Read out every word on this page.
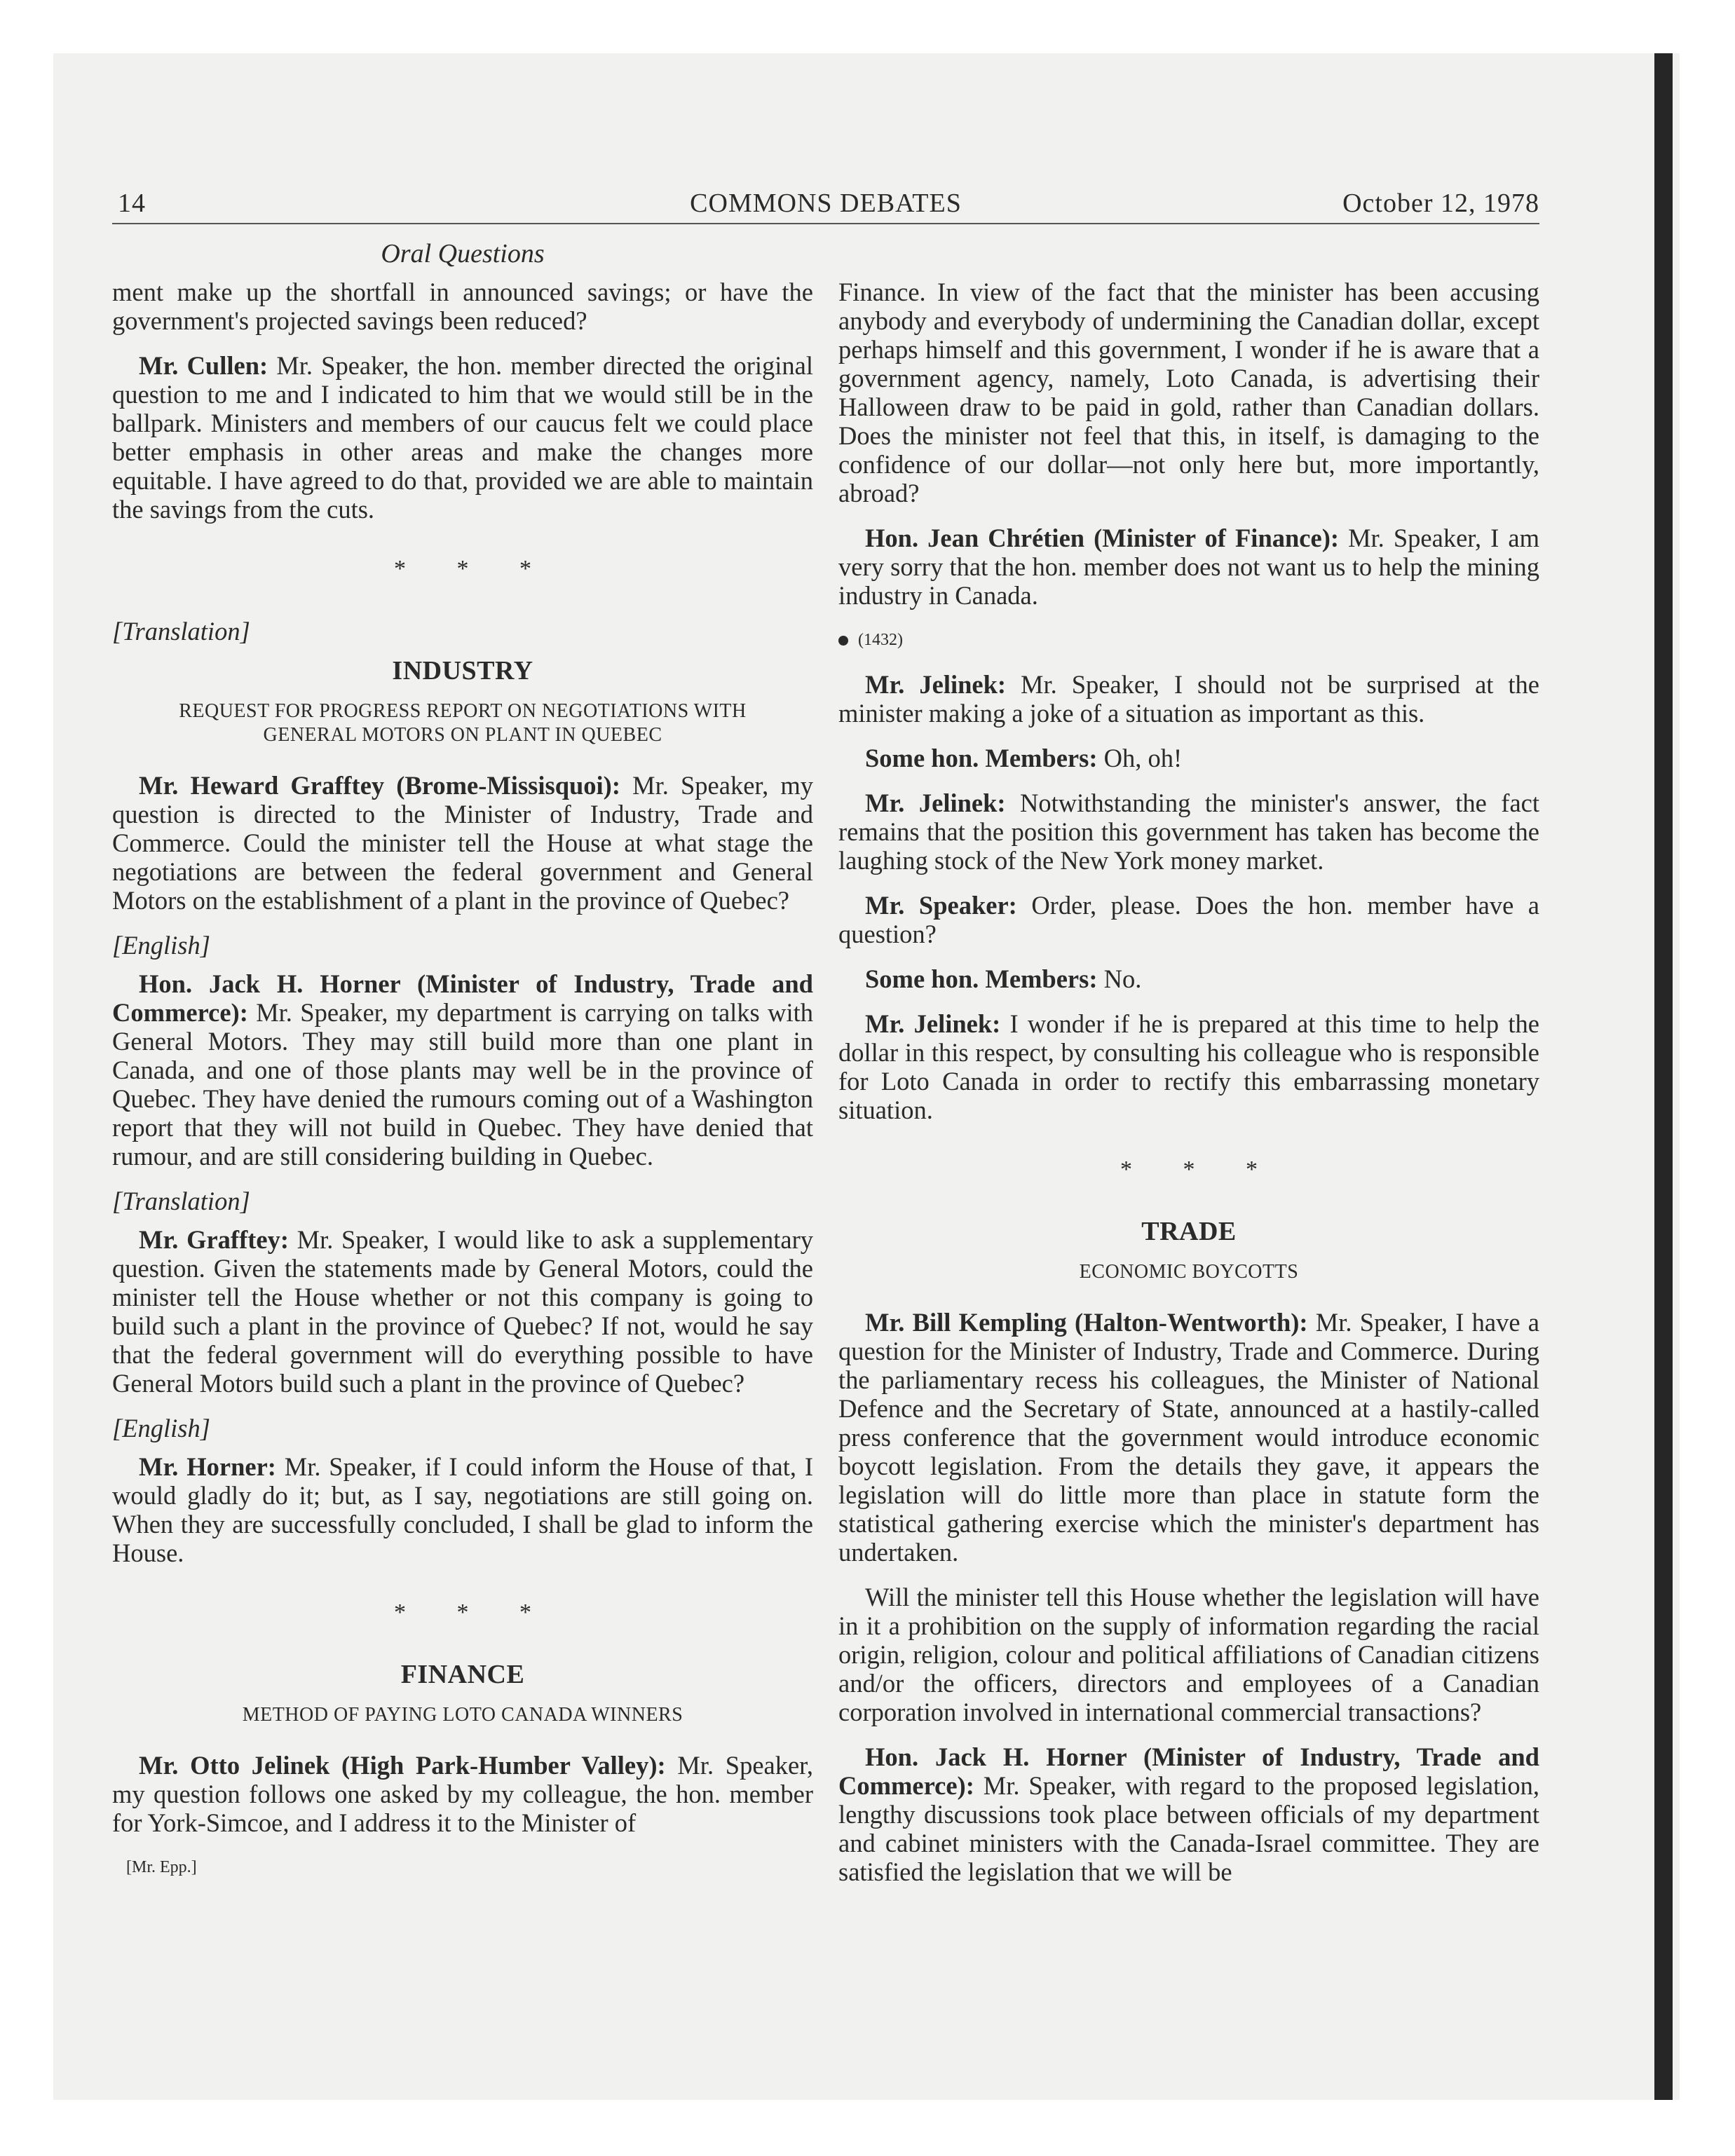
14	COMMONS DEBATES	October 12, 1978
Oral Questions

ment make up the shortfall in announced savings; or have the government's projected savings been reduced?

Mr. Cullen: Mr. Speaker, the hon. member directed the original question to me and I indicated to him that we would still be in the ballpark. Ministers and members of our caucus felt we could place better emphasis in other areas and make the changes more equitable. I have agreed to do that, provided we are able to maintain the savings from the cuts.

* * *
[Translation]
INDUSTRY
REQUEST FOR PROGRESS REPORT ON NEGOTIATIONS WITH GENERAL MOTORS ON PLANT IN QUEBEC

Mr. Heward Grafftey (Brome-Missisquoi): Mr. Speaker, my question is directed to the Minister of Industry, Trade and Commerce. Could the minister tell the House at what stage the negotiations are between the federal government and General Motors on the establishment of a plant in the province of Quebec?

[English]

Hon. Jack H. Horner (Minister of Industry, Trade and Commerce): Mr. Speaker, my department is carrying on talks with General Motors. They may still build more than one plant in Canada, and one of those plants may well be in the province of Quebec. They have denied the rumours coming out of a Washington report that they will not build in Quebec. They have denied that rumour, and are still considering building in Quebec.

[Translation]

Mr. Grafftey: Mr. Speaker, I would like to ask a supplementary question. Given the statements made by General Motors, could the minister tell the House whether or not this company is going to build such a plant in the province of Quebec? If not, would he say that the federal government will do everything possible to have General Motors build such a plant in the province of Quebec?

[English]

Mr. Horner: Mr. Speaker, if I could inform the House of that, I would gladly do it; but, as I say, negotiations are still going on. When they are successfully concluded, I shall be glad to inform the House.

* * *
FINANCE
METHOD OF PAYING LOTO CANADA WINNERS

Mr. Otto Jelinek (High Park-Humber Valley): Mr. Speaker, my question follows one asked by my colleague, the hon. member for York-Simcoe, and I address it to the Minister of

[Mr. Epp.]

Finance. In view of the fact that the minister has been accusing anybody and everybody of undermining the Canadian dollar, except perhaps himself and this government, I wonder if he is aware that a government agency, namely, Loto Canada, is advertising their Halloween draw to be paid in gold, rather than Canadian dollars. Does the minister not feel that this, in itself, is damaging to the confidence of our dollar—not only here but, more importantly, abroad?

Hon. Jean Chrétien (Minister of Finance): Mr. Speaker, I am very sorry that the hon. member does not want us to help the mining industry in Canada.

(1432)

Mr. Jelinek: Mr. Speaker, I should not be surprised at the minister making a joke of a situation as important as this.

Some hon. Members: Oh, oh!

Mr. Jelinek: Notwithstanding the minister's answer, the fact remains that the position this government has taken has become the laughing stock of the New York money market.

Mr. Speaker: Order, please. Does the hon. member have a question?

Some hon. Members: No.

Mr. Jelinek: I wonder if he is prepared at this time to help the dollar in this respect, by consulting his colleague who is responsible for Loto Canada in order to rectify this embarrassing monetary situation.

* * *
TRADE
ECONOMIC BOYCOTTS

Mr. Bill Kempling (Halton-Wentworth): Mr. Speaker, I have a question for the Minister of Industry, Trade and Commerce. During the parliamentary recess his colleagues, the Minister of National Defence and the Secretary of State, announced at a hastily-called press conference that the government would introduce economic boycott legislation. From the details they gave, it appears the legislation will do little more than place in statute form the statistical gathering exercise which the minister's department has undertaken.

Will the minister tell this House whether the legislation will have in it a prohibition on the supply of information regarding the racial origin, religion, colour and political affiliations of Canadian citizens and/or the officers, directors and employees of a Canadian corporation involved in international commercial transactions?

Hon. Jack H. Horner (Minister of Industry, Trade and Commerce): Mr. Speaker, with regard to the proposed legislation, lengthy discussions took place between officials of my department and cabinet ministers with the Canada-Israel committee. They are satisfied the legislation that we will be
